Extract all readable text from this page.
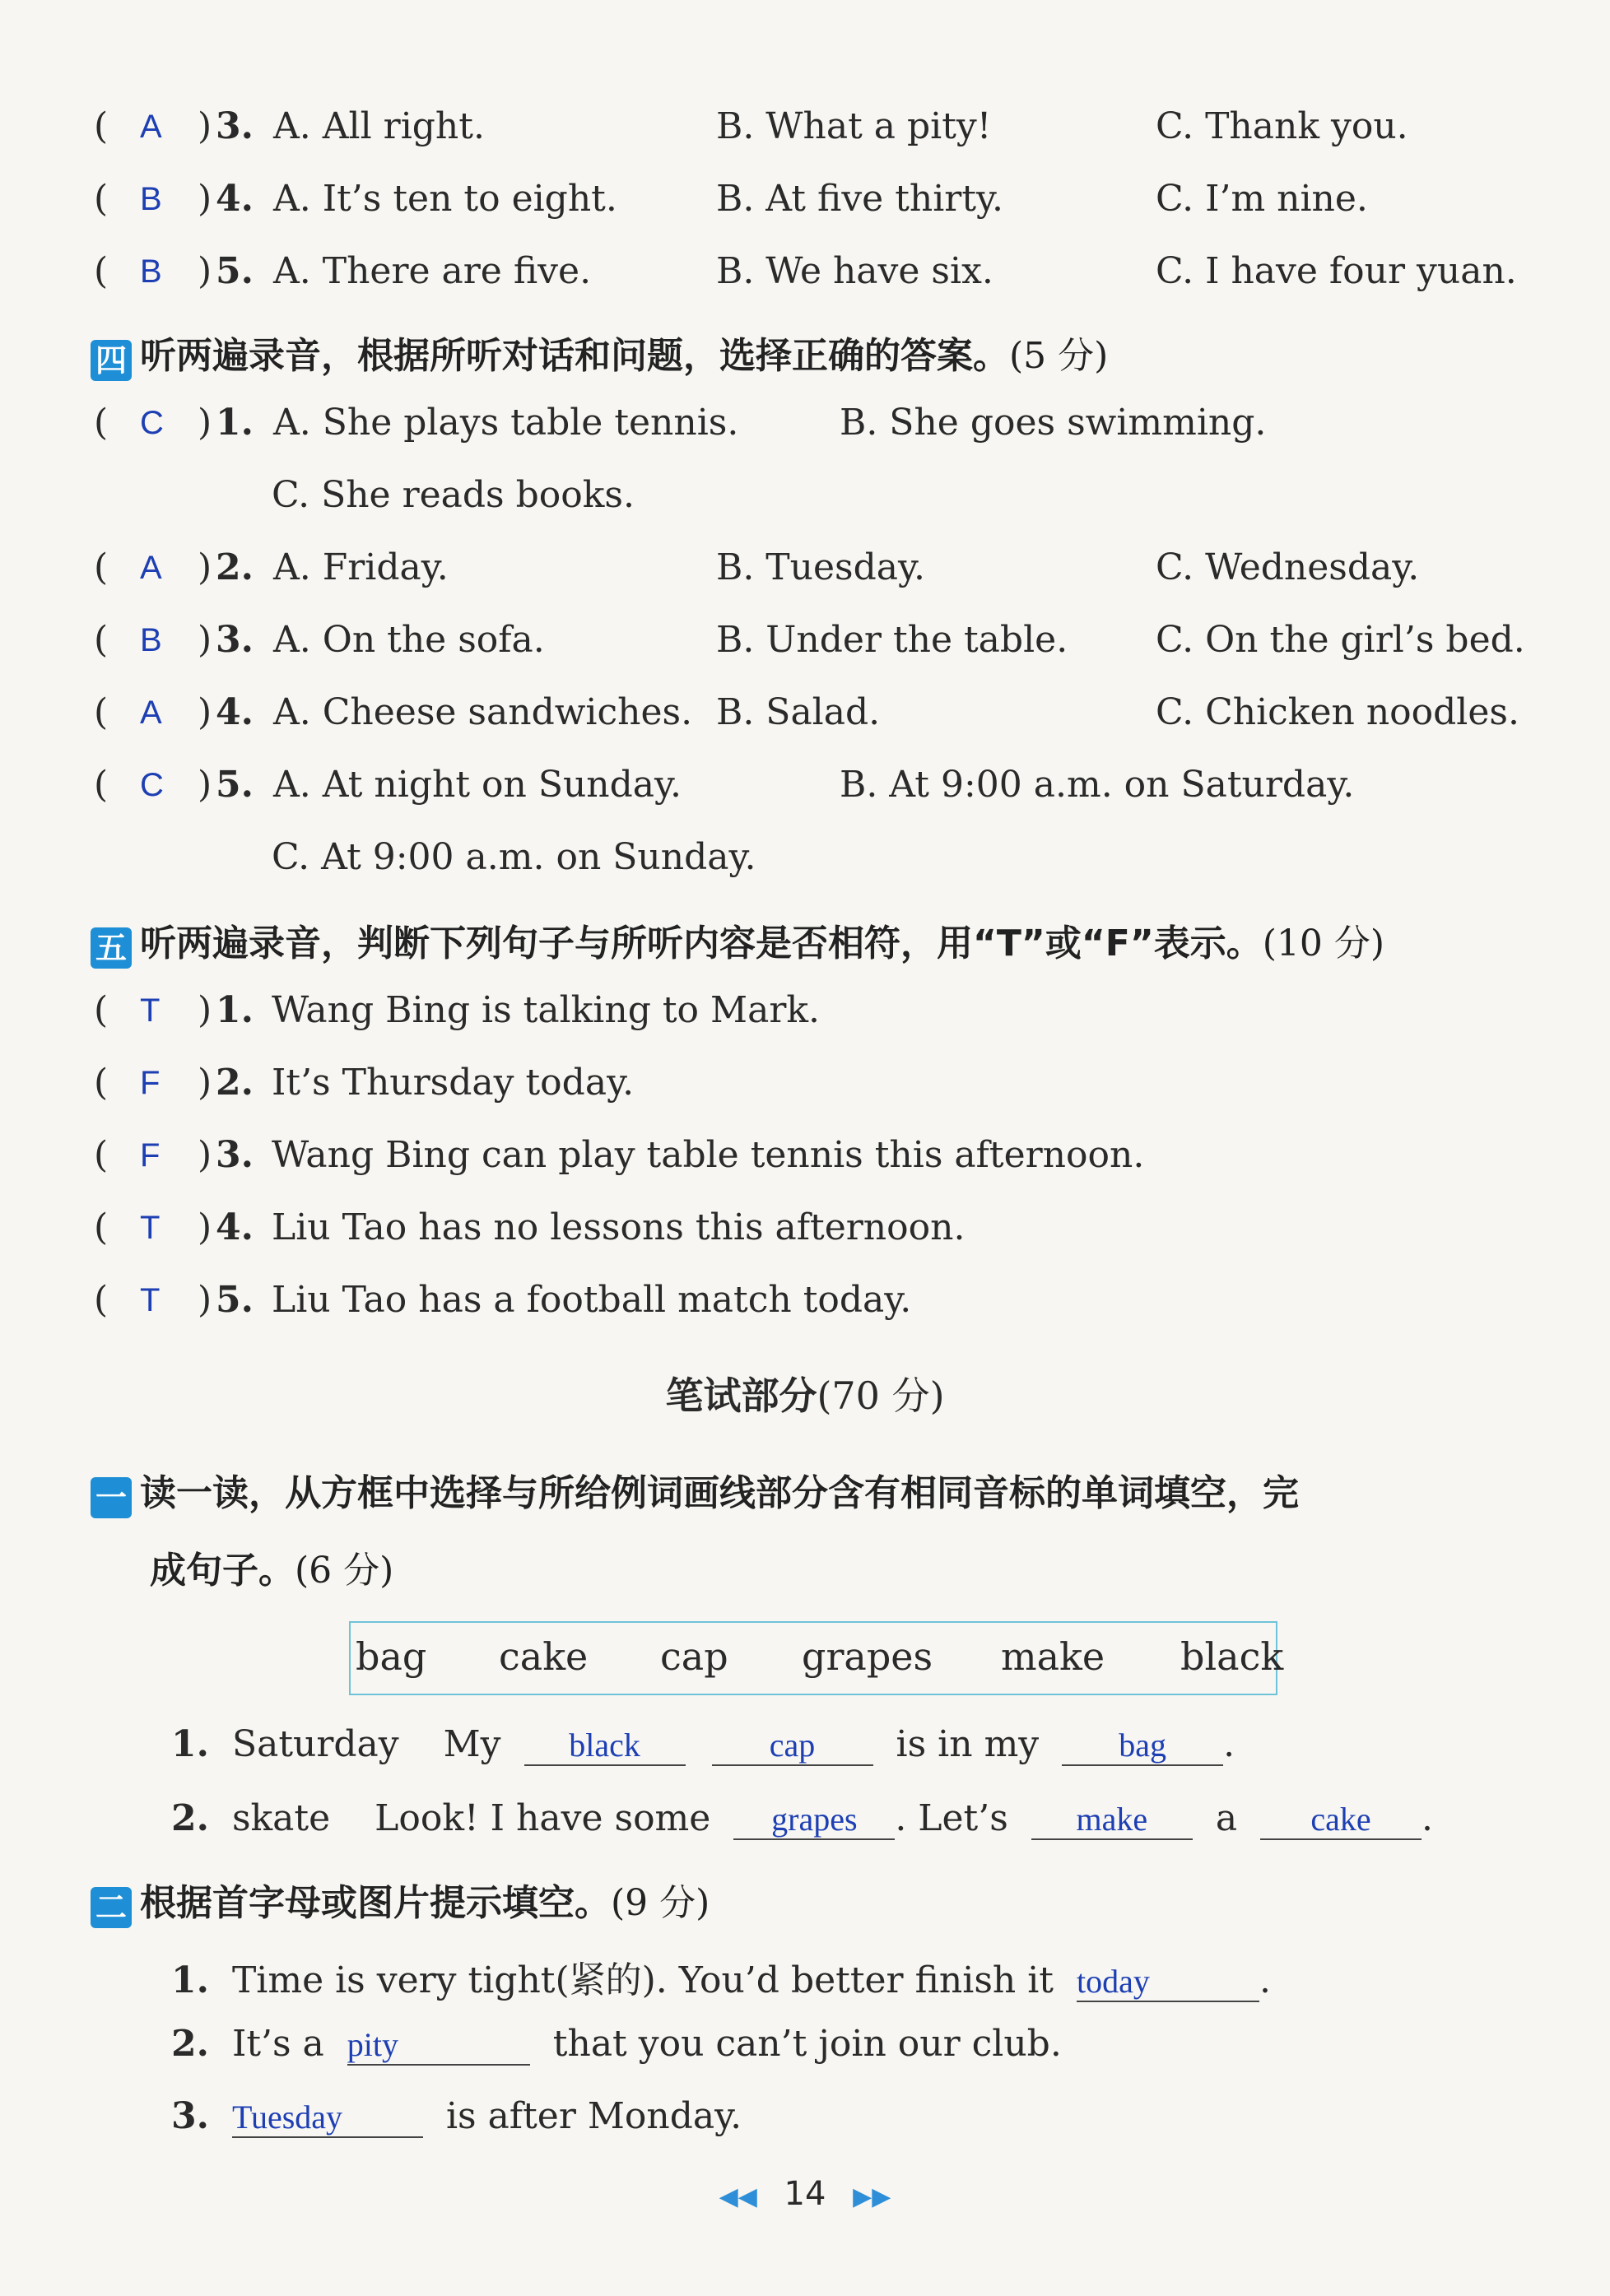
( A ) 3. A. All right.	B. What a pity!	C. Thank you.
( B ) 4. A. It’s ten to eight.	B. At five thirty.	C. I’m nine.
( B ) 5. A. There are five.	B. We have six.	C. I have four yuan.
四 听两遍录音，根据所听对话和问题，选择正确的答案。(5 分)
( C ) 1. A. She plays table tennis.	B. She goes swimming.
C. She reads books.
( A ) 2. A. Friday.	B. Tuesday.	C. Wednesday.
( B ) 3. A. On the sofa.	B. Under the table. C. On the girl’s bed.
( A ) 4. A. Cheese sandwiches. B. Salad.	C. Chicken noodles.
( C ) 5. A. At night on Sunday.	B. At 9:00 a.m. on Saturday.
C. At 9:00 a.m. on Sunday.
五 听两遍录音，判断下列句子与所听内容是否相符，用“T”或“F”表示。(10 分)
( T ) 1. Wang Bing is talking to Mark.
( F ) 2. It’s Thursday today.
( F ) 3. Wang Bing can play table tennis this afternoon.
( T ) 4. Liu Tao has no lessons this afternoon.
( T ) 5. Liu Tao has a football match today.
笔试部分(70 分)
一 读一读，从方框中选择与所给例词画线部分含有相同音标的单词填空，完
成句子。(6 分)
bag cake cap grapes make black
1. Saturday My black	cap is in my bag .
2. skate Look! I have some grapes . Let’s make a cake .
二 根据首字母或图片提示填空。(9 分)
1. Time is very tight(紧的). You’d better finish it today	.
2. It’s a pity	that you can’t join our club.
3. Tuesday	is after Monday.
◀◀ 14 ▶▶
